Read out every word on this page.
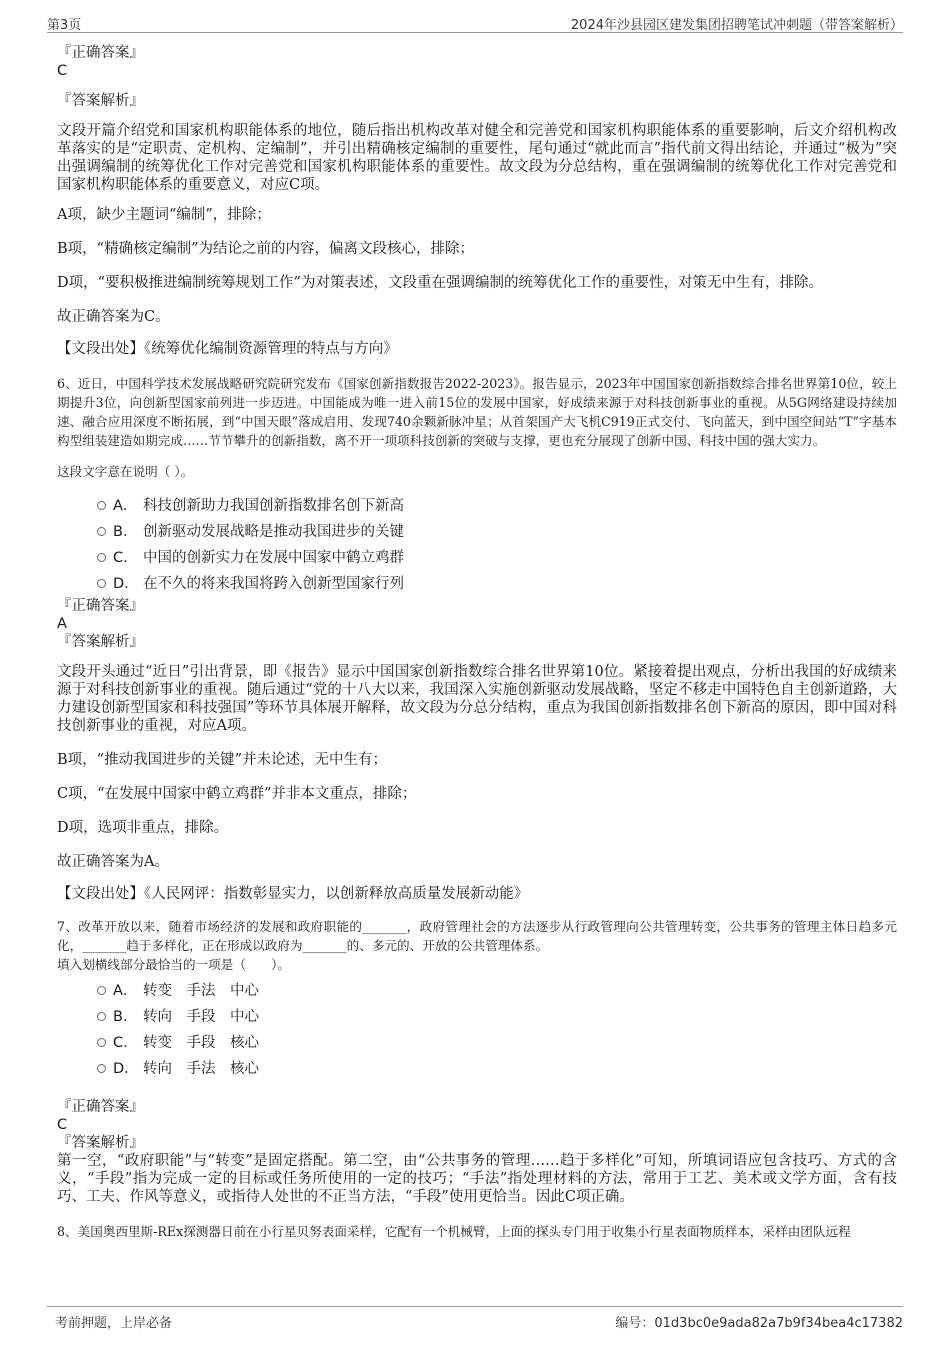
第3页	2024年沙县园区建发集团招聘笔试冲刺题（带答案解析）
『正确答案』
C
『答案解析』

文段开篇介绍党和国家机构职能体系的地位，随后指出机构改革对健全和完善党和国家机构职能体系的重要影响，后文介绍机构改革落实的是“定职责、定机构、定编制”，并引出精确核定编制的重要性，尾句通过“就此而言”指代前文得出结论，并通过“极为”突出强调编制的统筹优化工作对完善党和国家机构职能体系的重要性。故文段为分总结构，重在强调编制的统筹优化工作对完善党和国家机构职能体系的重要意义，对应C项。

A项，缺少主题词“编制”，排除；

B项，“精确核定编制”为结论之前的内容，偏离文段核心，排除；

D项，“要积极推进编制统筹规划工作”为对策表述，文段重在强调编制的统筹优化工作的重要性，对策无中生有，排除。

故正确答案为C。

【文段出处】《统筹优化编制资源管理的特点与方向》

6、近日，中国科学技术发展战略研究院研究发布《国家创新指数报告2022-2023》。报告显示，2023年中国国家创新指数综合排名世界第10位，较上期提升3位，向创新型国家前列进一步迈进。中国能成为唯一进入前15位的发展中国家，好成绩来源于对科技创新事业的重视。从5G网络建设持续加速、融合应用深度不断拓展，到“中国天眼”落成启用、发现740余颗新脉冲星；从首架国产大飞机C919正式交付、飞向蓝天，到中国空间站“T”字基本构型组装建造如期完成……节节攀升的创新指数，离不开一项项科技创新的突破与支撑，更也充分展现了创新中国、科技中国的强大实力。

这段文字意在说明（ ）。

A． 科技创新助力我国创新指数排名创下新高
B． 创新驱动发展战略是推动我国进步的关键
C． 中国的创新实力在发展中国家中鹤立鸡群
D． 在不久的将来我国将跨入创新型国家行列
『正确答案』
A
『答案解析』

文段开头通过“近日”引出背景，即《报告》显示中国国家创新指数综合排名世界第10位。紧接着提出观点，分析出我国的好成绩来源于对科技创新事业的重视。随后通过“党的十八大以来，我国深入实施创新驱动发展战略，坚定不移走中国特色自主创新道路，大力建设创新型国家和科技强国”等环节具体展开解释，故文段为分总分结构，重点为我国创新指数排名创下新高的原因，即中国对科技创新事业的重视，对应A项。

B项，“推动我国进步的关键”并未论述，无中生有；

C项，“在发展中国家中鹤立鸡群”并非本文重点，排除；

D项，选项非重点，排除。

故正确答案为A。

【文段出处】《人民网评：指数彰显实力，以创新释放高质量发展新动能》

7、改革开放以来，随着市场经济的发展和政府职能的_______，政府管理社会的方法逐步从行政管理向公共管理转变，公共事务的管理主体日趋多元化，_______趋于多样化，正在形成以政府为_______的、多元的、开放的公共管理体系。

填入划横线部分最恰当的一项是（　　）。

A． 转变　手法　中心
B． 转向　手段　中心
C． 转变　手段　核心
D． 转向　手法　核心
『正确答案』
C
『答案解析』

第一空，“政府职能”与“转变”是固定搭配。第二空，由“公共事务的管理……趋于多样化”可知，所填词语应包含技巧、方式的含义，“手段”指为完成一定的目标或任务所使用的一定的技巧；“手法”指处理材料的方法，常用于工艺、美术或文学方面，含有技巧、工夫、作风等意义，或指待人处世的不正当方法，“手段”使用更恰当。因此C项正确。

8、美国奥西里斯-REx探测器日前在小行星贝努表面采样，它配有一个机械臂，上面的探头专门用于收集小行星表面物质样本，采样由团队远程

考前押题，上岸必备	编号：01d3bc0e9ada82a7b9f34bea4c17382
